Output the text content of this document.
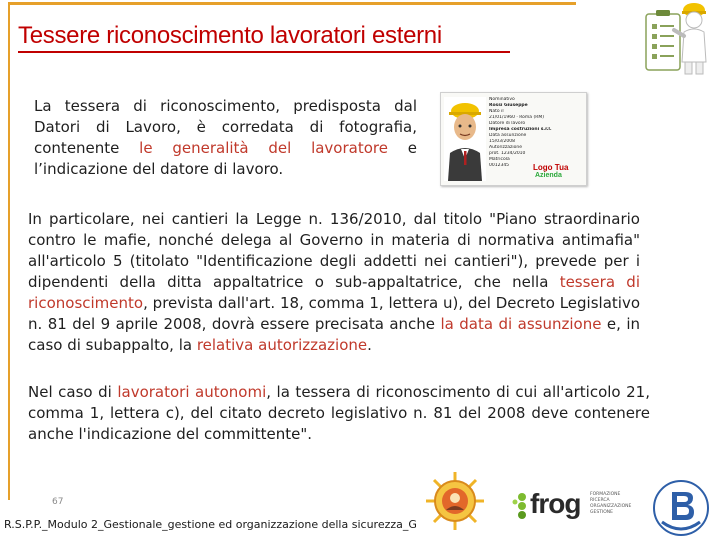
Tessere riconoscimento lavoratori esterni

La tessera di riconoscimento, predisposta dal Datori di Lavoro, è corredata di fotografia, contenente le generalità del lavoratore e l’indicazione del datore di lavoro.

Nominativo
Rossi Giuseppe
Nato il
21/01/1960 · Roma (RM)
Datore di lavoro
Impresa costruzioni s.r.l.
Data assunzione
15/03/2008
Autorizzazione
prot. 1234/2010
Matricola
0012345	Logo Tua
Azienda

In particolare, nei cantieri la Legge n. 136/2010, dal titolo "Piano straordinario contro le mafie, nonché delega al Governo in materia di normativa antimafia" all'articolo 5 (titolato "Identificazione degli addetti nei cantieri"), prevede per i dipendenti della ditta appaltatrice o sub-appaltatrice, che nella tessera di riconoscimento, prevista dall'art. 18, comma 1, lettera u), del Decreto Legislativo n. 81 del 9 aprile 2008, dovrà essere precisata anche la data di assunzione e, in caso di subappalto, la relativa autorizzazione.

Nel caso di lavoratori autonomi, la tessera di riconoscimento di cui all'articolo 21, comma 1, lettera c), del citato decreto legislativo n. 81 del 2008 deve contenere anche l'indicazione del committente".

67
R.S.P.P._Modulo 2_Gestionale_gestione ed organizzazione della sicurezza_G
frog FORMAZIONE RICERCA ORGANIZZAZIONE GESTIONE
